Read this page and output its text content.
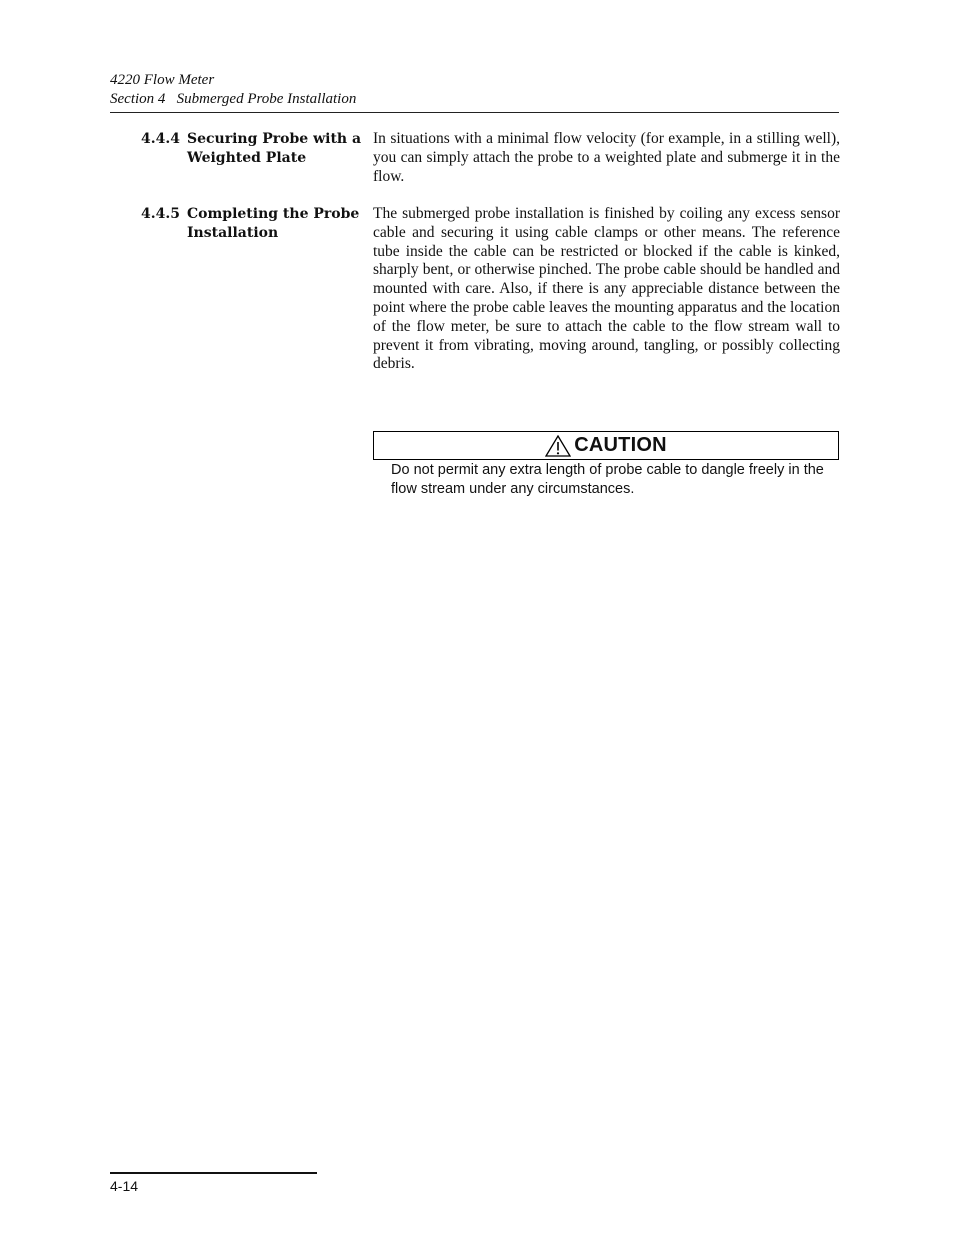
4220 Flow Meter
Section 4   Submerged Probe Installation
4.4.4 Securing Probe with a Weighted Plate
In situations with a minimal flow velocity (for example, in a stilling well), you can simply attach the probe to a weighted plate and submerge it in the flow.
4.4.5 Completing the Probe Installation
The submerged probe installation is finished by coiling any excess sensor cable and securing it using cable clamps or other means. The reference tube inside the cable can be restricted or blocked if the cable is kinked, sharply bent, or otherwise pinched. The probe cable should be handled and mounted with care. Also, if there is any appreciable distance between the point where the probe cable leaves the mounting apparatus and the location of the flow meter, be sure to attach the cable to the flow stream wall to prevent it from vibrating, moving around, tangling, or possibly collecting debris.
CAUTION
Do not permit any extra length of probe cable to dangle freely in the flow stream under any circumstances.
4-14
